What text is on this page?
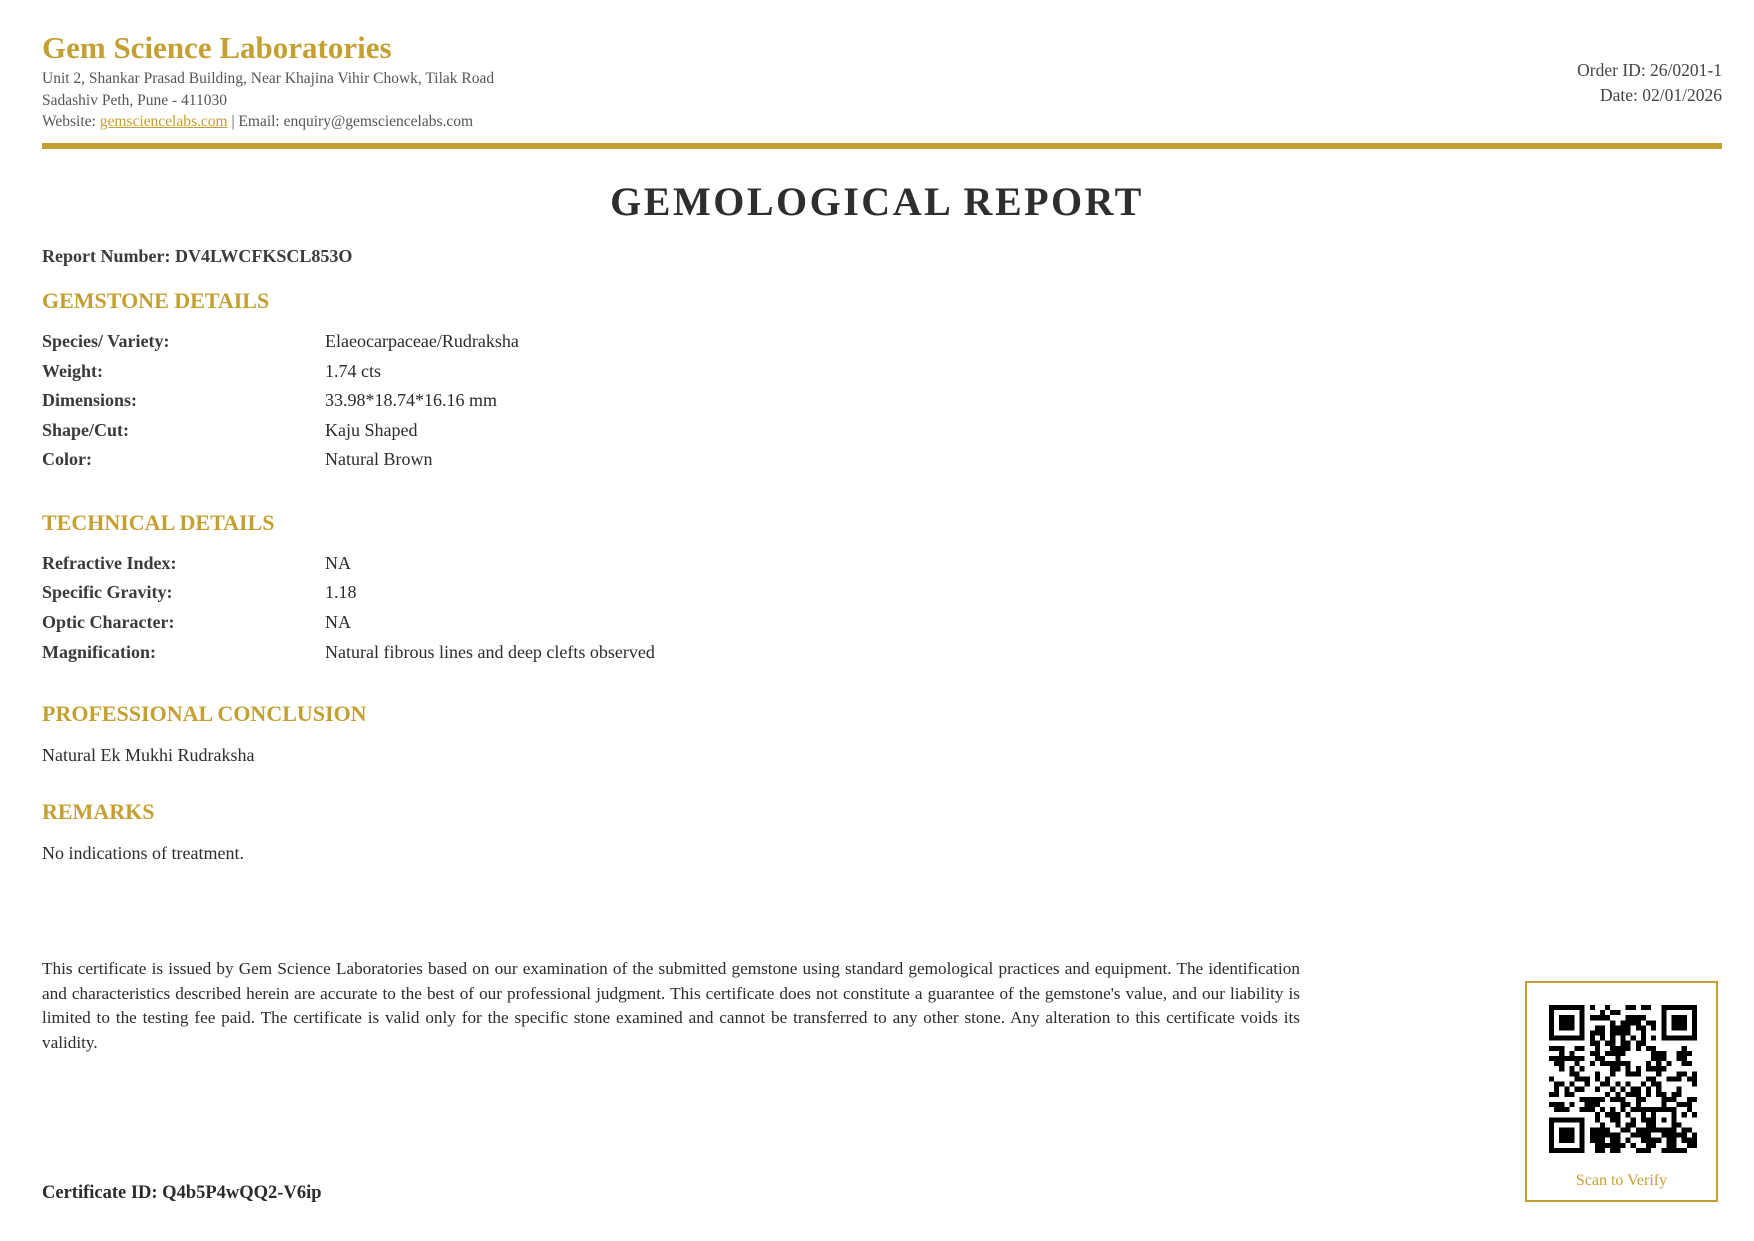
Gem Science Laboratories
Unit 2, Shankar Prasad Building, Near Khajina Vihir Chowk, Tilak Road
Sadashiv Peth, Pune - 411030
Website: gemsciencelabs.com | Email: enquiry@gemsciencelabs.com
Order ID: 26/0201-1
Date: 02/01/2026
GEMOLOGICAL REPORT
Report Number: DV4LWCFKSCL853O
GEMSTONE DETAILS
Species/ Variety:	Elaeocarpaceae/Rudraksha
Weight:	1.74 cts
Dimensions:	33.98*18.74*16.16 mm
Shape/Cut:	Kaju Shaped
Color:	Natural Brown
TECHNICAL DETAILS
Refractive Index:	NA
Specific Gravity:	1.18
Optic Character:	NA
Magnification:	Natural fibrous lines and deep clefts observed
PROFESSIONAL CONCLUSION
Natural Ek Mukhi Rudraksha
REMARKS
No indications of treatment.
This certificate is issued by Gem Science Laboratories based on our examination of the submitted gemstone using standard gemological practices and equipment. The identification and characteristics described herein are accurate to the best of our professional judgment. This certificate does not constitute a guarantee of the gemstone's value, and our liability is limited to the testing fee paid. The certificate is valid only for the specific stone examined and cannot be transferred to any other stone. Any alteration to this certificate voids its validity.
Certificate ID: Q4b5P4wQQ2-V6ip
Scan to Verify
